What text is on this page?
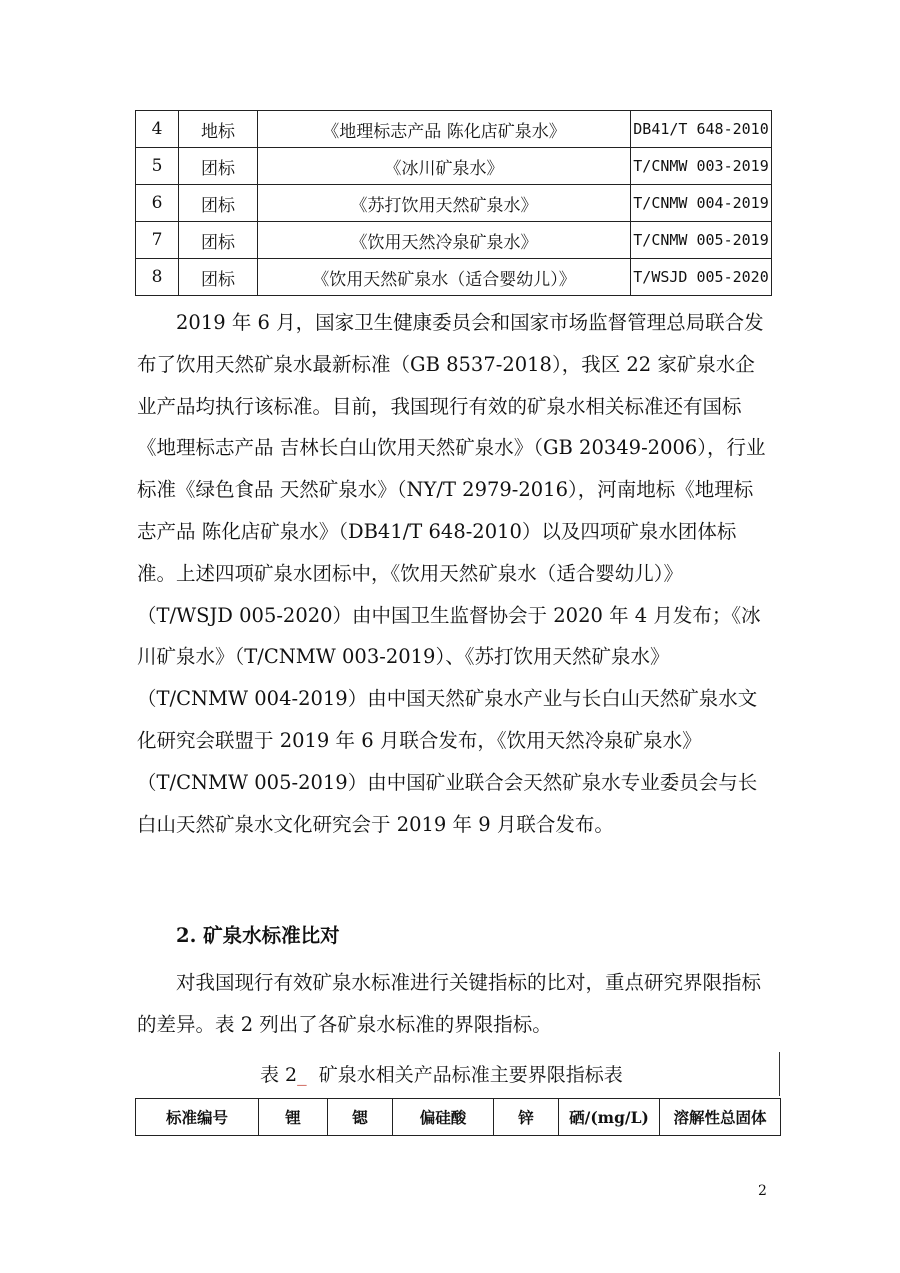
4	地标	《地理标志产品 陈化店矿泉水》	DB41/T 648-2010
5	团标	《冰川矿泉水》	T/CNMW 003-2019
6	团标	《苏打饮用天然矿泉水》	T/CNMW 004-2019
7	团标	《饮用天然冷泉矿泉水》	T/CNMW 005-2019
8	团标	《饮用天然矿泉水（适合婴幼儿）》	T/WSJD 005-2020

2019 年 6 月，国家卫生健康委员会和国家市场监督管理总局联合发布了饮用天然矿泉水最新标准（GB 8537-2018），我区 22 家矿泉水企业产品均执行该标准。目前，我国现行有效的矿泉水相关标准还有国标《地理标志产品 吉林长白山饮用天然矿泉水》（GB 20349-2006），行业标准《绿色食品 天然矿泉水》（NY/T 2979-2016），河南地标《地理标志产品 陈化店矿泉水》（DB41/T 648-2010）以及四项矿泉水团体标准。上述四项矿泉水团标中，《饮用天然矿泉水（适合婴幼儿）》（T/WSJD 005-2020）由中国卫生监督协会于 2020 年 4 月发布；《冰川矿泉水》（T/CNMW 003-2019）、《苏打饮用天然矿泉水》（T/CNMW 004-2019）由中国天然矿泉水产业与长白山天然矿泉水文化研究会联盟于 2019 年 6 月联合发布，《饮用天然冷泉矿泉水》（T/CNMW 005-2019）由中国矿业联合会天然矿泉水专业委员会与长白山天然矿泉水文化研究会于 2019 年 9 月联合发布。

2. 矿泉水标准比对

对我国现行有效矿泉水标准进行关键指标的比对，重点研究界限指标的差异。表 2 列出了各矿泉水标准的界限指标。

表 2_  矿泉水相关产品标准主要界限指标表
标准编号	锂	锶	偏硅酸	锌	硒/(mg/L)	溶解性总固体
2
